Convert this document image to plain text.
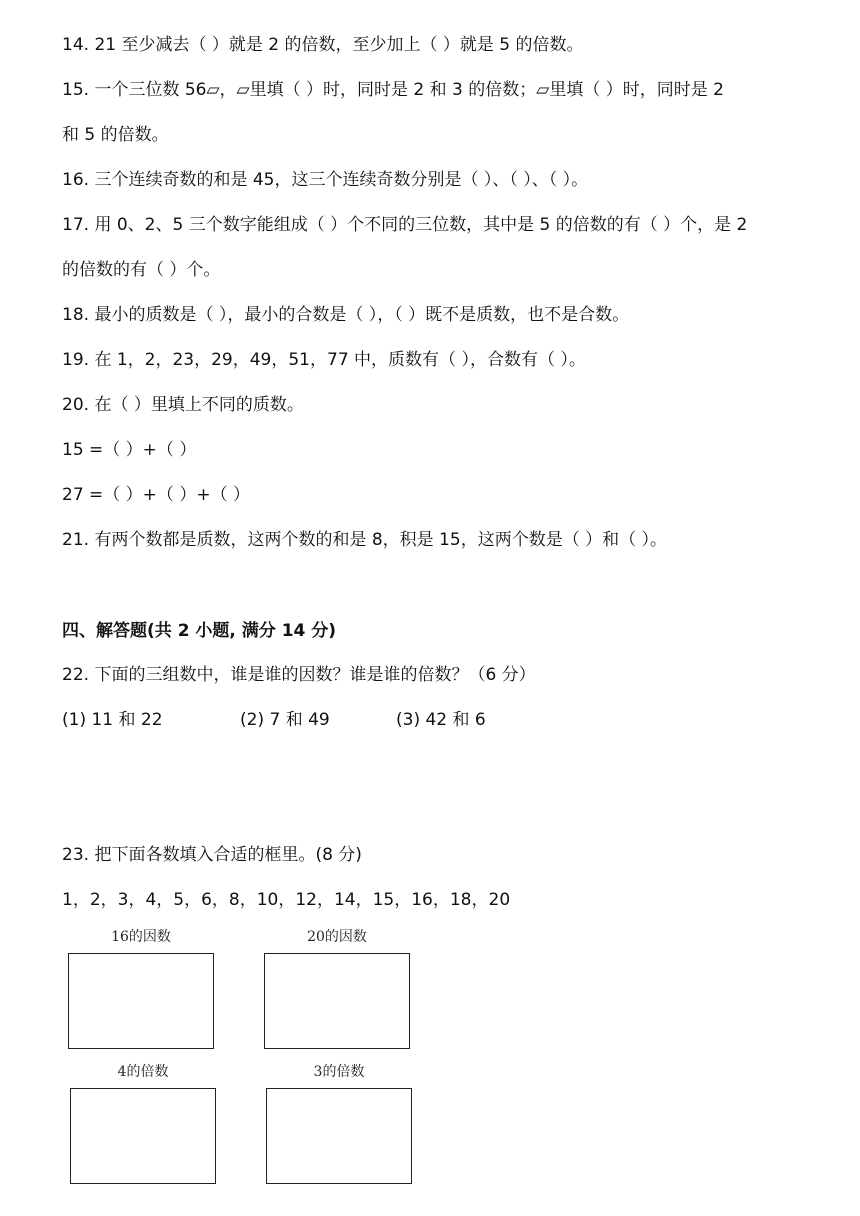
14. 21 至少减去（ ）就是 2 的倍数，至少加上（ ）就是 5 的倍数。
15. 一个三位数 56▱，▱里填（ ）时，同时是 2 和 3 的倍数；▱里填（ ）时，同时是 2
和 5 的倍数。
16. 三个连续奇数的和是 45，这三个连续奇数分别是（ ）、（ ）、（ ）。
17. 用 0、2、5 三个数字能组成（ ）个不同的三位数，其中是 5 的倍数的有（ ）个，是 2
的倍数的有（ ）个。
18. 最小的质数是（ ），最小的合数是（ ），（ ）既不是质数，也不是合数。
19. 在 1，2，23，29，49，51，77 中，质数有（ ），合数有（ ）。
20. 在（ ）里填上不同的质数。
15 =（ ）+（ ）
27 =（ ）+（ ）+（ ）
21. 有两个数都是质数，这两个数的和是 8，积是 15，这两个数是（ ）和（ ）。
四、解答题(共 2 小题, 满分 14 分)
22. 下面的三组数中，谁是谁的因数？谁是谁的倍数？（6 分）
(1) 11 和 22	(2) 7 和 49	(3) 42 和 6
23. 把下面各数填入合适的框里。(8 分)
1，2，3，4，5，6，8，10，12，14，15，16，18，20
16的因数	20的因数
4的倍数	3的倍数
